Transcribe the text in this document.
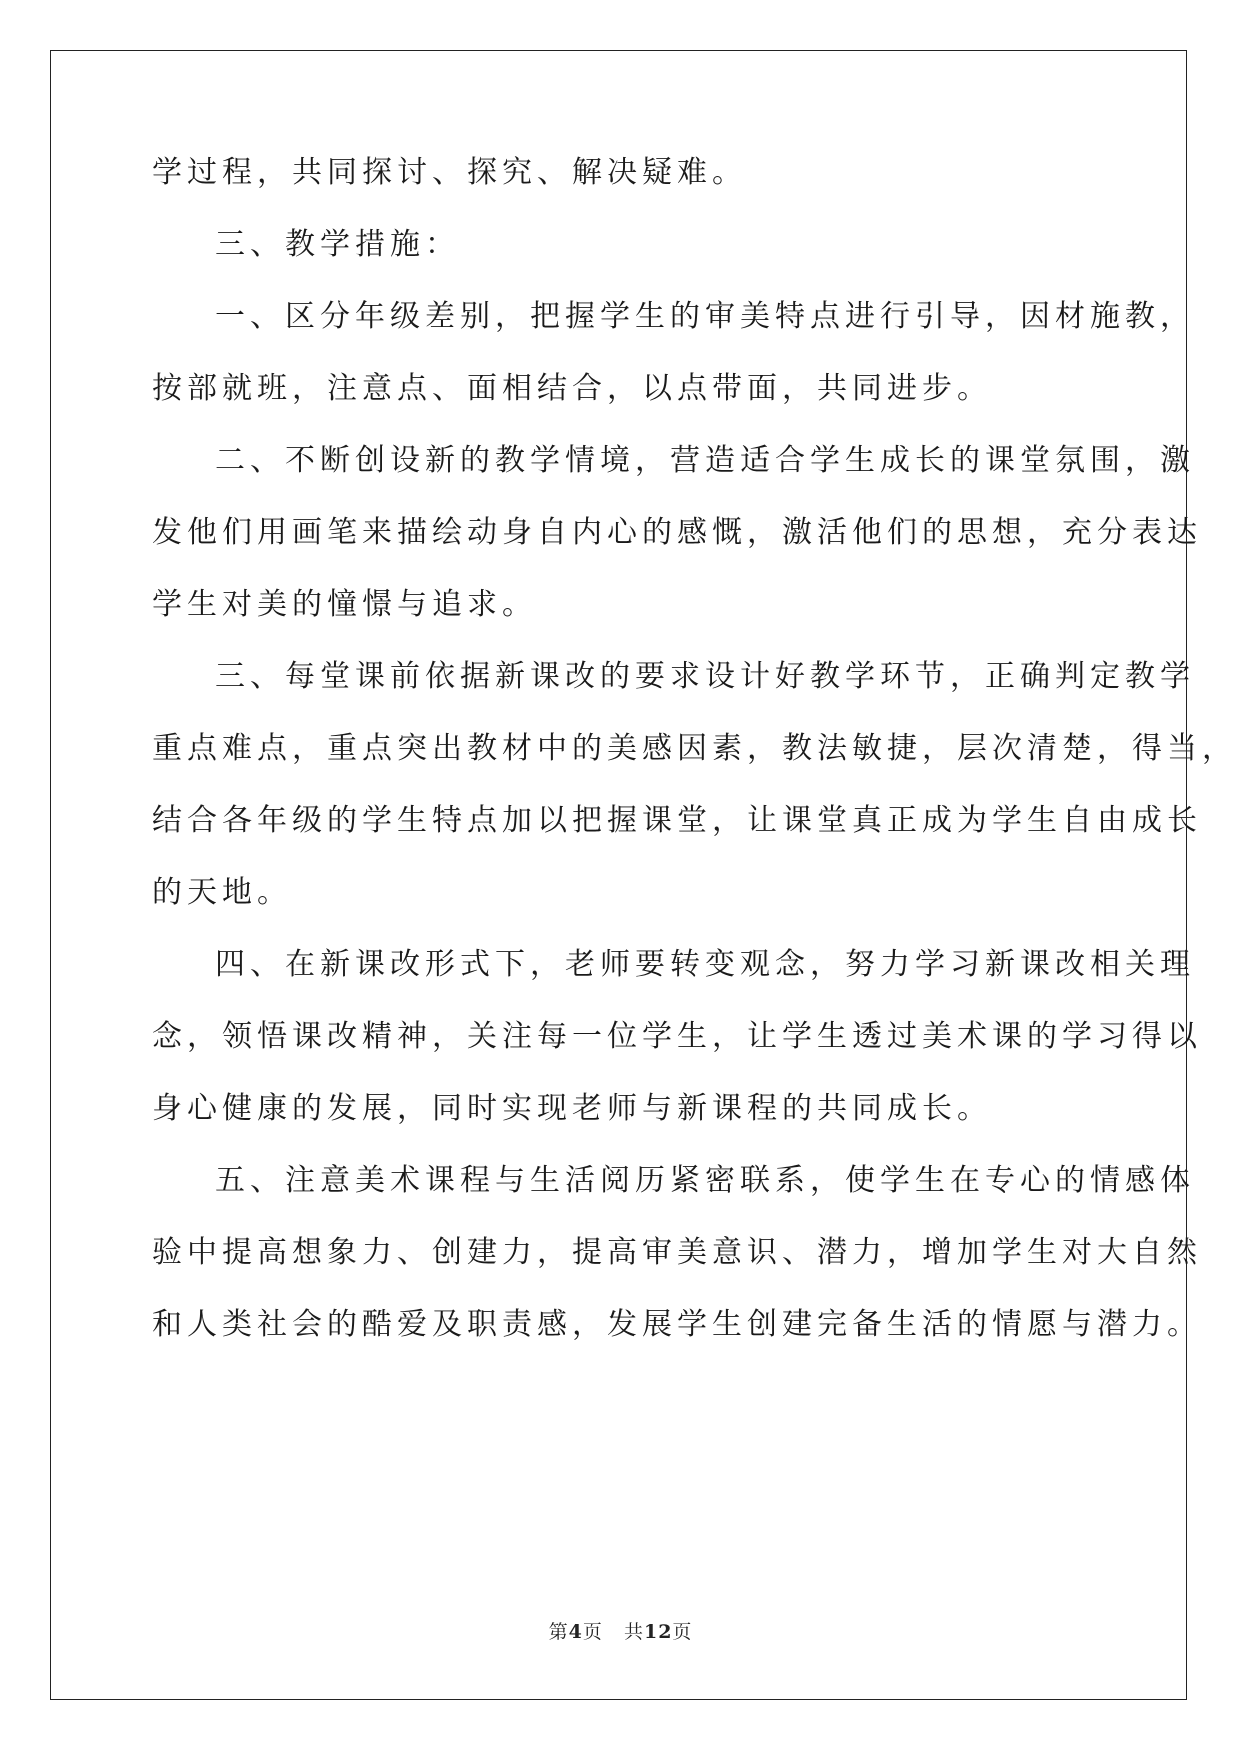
学过程，共同探讨、探究、解决疑难。
三、教学措施：
一、区分年级差别，把握学生的审美特点进行引导，因材施教，
按部就班，注意点、面相结合，以点带面，共同进步。
二、不断创设新的教学情境，营造适合学生成长的课堂氛围，激
发他们用画笔来描绘动身自内心的感慨，激活他们的思想，充分表达
学生对美的憧憬与追求。
三、每堂课前依据新课改的要求设计好教学环节，正确判定教学
重点难点，重点突出教材中的美感因素，教法敏捷，层次清楚，得当，
结合各年级的学生特点加以把握课堂，让课堂真正成为学生自由成长
的天地。
四、在新课改形式下，老师要转变观念，努力学习新课改相关理
念，领悟课改精神，关注每一位学生，让学生透过美术课的学习得以
身心健康的发展，同时实现老师与新课程的共同成长。
五、注意美术课程与生活阅历紧密联系，使学生在专心的情感体
验中提高想象力、创建力，提高审美意识、潜力，增加学生对大自然
和人类社会的酷爱及职责感，发展学生创建完备生活的情愿与潜力。
第4页 共12页
